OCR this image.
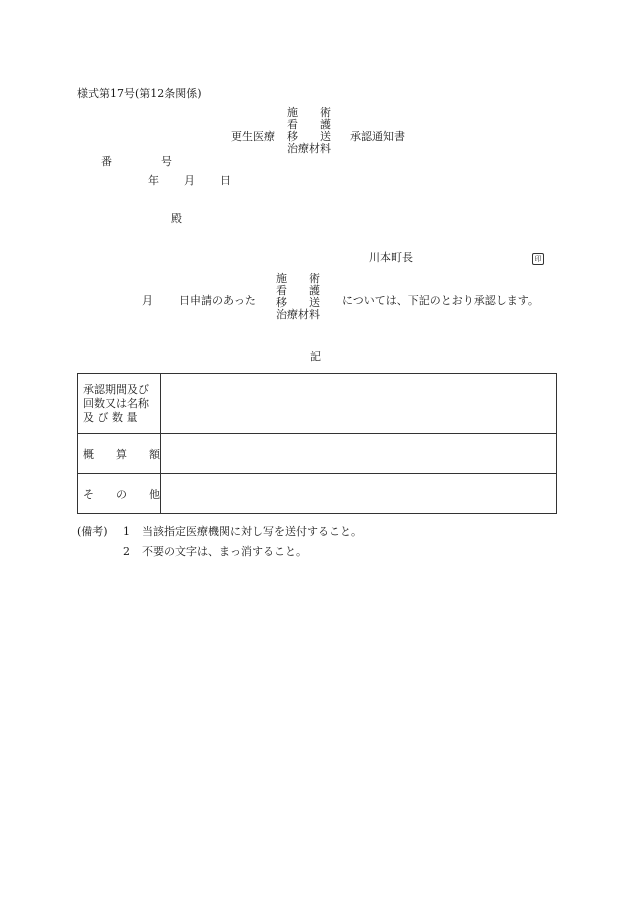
様式第17号(第12条関係)
更生医療
施　　術
看　　護
移　　送
治療材料
承認通知書
番	号
年 月 日
殿
川本町長	印
月 日申請のあった
施　　術
看　　護
移　　送
治療材料
については、下記のとおり承認します。
記
承認期間及び
回数又は名称
及 び 数 量	

概　　算　　額	

そ　　の　　他	

(備考) 1 当該指定医療機関に対し写を送付すること。
2 不要の文字は、まっ消すること。
